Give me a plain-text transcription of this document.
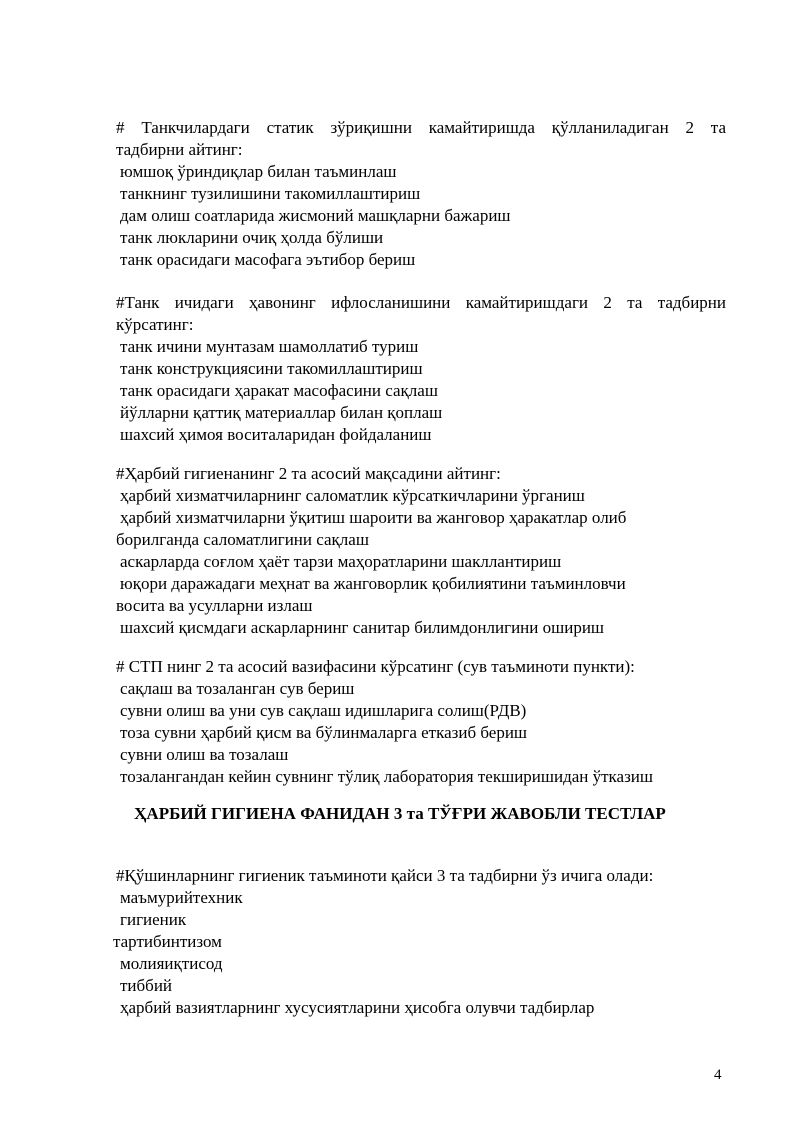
# Танкчилардаги статик зўриқишни камайтиришда қўлланиладиган 2 та
тадбирни айтинг:
юмшоқ ўриндиқлар билан таъминлаш
танкнинг тузилишини такомиллаштириш
дам олиш соатларида жисмоний машқларни бажариш
танк люкларини очиқ ҳолда бўлиши
танк орасидаги масофага эътибор бериш
#Танк ичидаги ҳавонинг ифлосланишини камайтиришдаги 2 та тадбирни
кўрсатинг:
танк ичини мунтазам шамоллатиб туриш
танк конструкциясини такомиллаштириш
танк орасидаги ҳаракат масофасини сақлаш
йўлларни қаттиқ материаллар билан қоплаш
шахсий ҳимоя воситаларидан фойдаланиш
#Ҳарбий гигиенанинг 2 та асосий мақсадини айтинг:
ҳарбий хизматчиларнинг саломатлик кўрсаткичларини ўрганиш
ҳарбий хизматчиларни ўқитиш шароити ва жанговор ҳаракатлар олиб
борилганда саломатлигини сақлаш
аскарларда соғлом ҳаёт тарзи маҳоратларини шакллантириш
юқори даражадаги меҳнат ва жанговорлик қобилиятини таъминловчи
восита ва усулларни излаш
шахсий қисмдаги аскарларнинг санитар билимдонлигини ошириш
# СТП нинг 2 та асосий вазифасини кўрсатинг (сув таъминоти пункти):
сақлаш ва тозаланган сув бериш
сувни олиш ва уни сув сақлаш идишларига солиш(РДВ)
тоза сувни ҳарбий қисм ва бўлинмаларга етказиб бериш
сувни олиш ва тозалаш
тозалангандан кейин сувнинг тўлиқ лаборатория текширишидан ўтказиш
ҲАРБИЙ ГИГИЕНА ФАНИДАН 3 та ТЎҒРИ ЖАВОБЛИ ТЕСТЛАР
#Қўшинларнинг гигиеник таъминоти қайси 3 та тадбирни ўз ичига олади:
маъмурийтехник
гигиеник
тартибинтизом
молияиқтисод
тиббий
ҳарбий вазиятларнинг хусусиятларини ҳисобга олувчи тадбирлар
4
